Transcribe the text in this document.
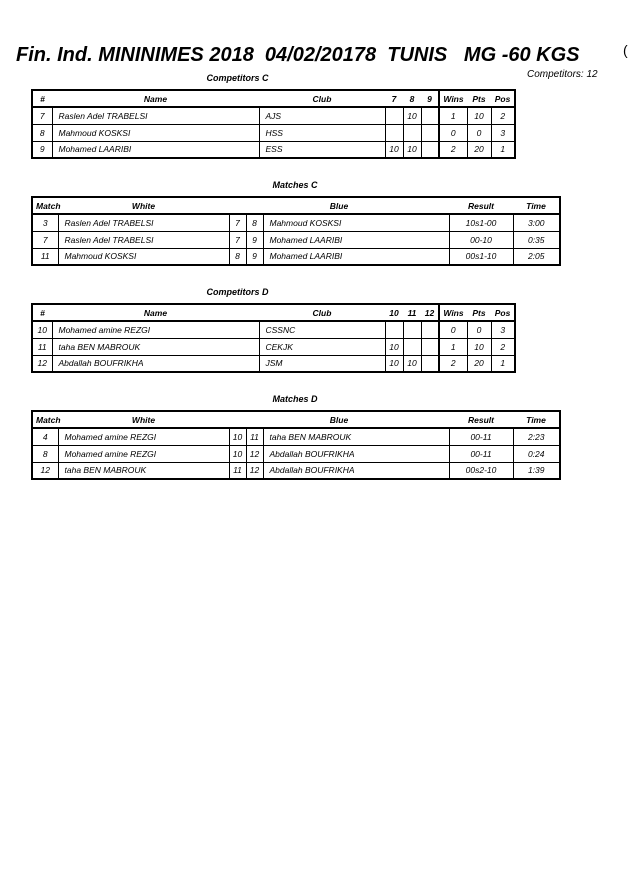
Fin. Ind. MININIMES 2018  04/02/20178  TUNIS   MG -60 KGS	(
Competitors: 12
Competitors C
#	Name	Club	7	8	9	Wins	Pts	Pos
7	Raslen Adel TRABELSI	AJS		10		1	10	2
8	Mahmoud KOSKSI	HSS				0	0	3
9	Mohamed LAARIBI	ESS	10	10		2	20	1
Matches C
Match	White	Blue			Result	Time
3	Raslen Adel TRABELSI	7	8	Mahmoud KOSKSI	10s1-00	3:00
7	Raslen Adel TRABELSI	7	9	Mohamed LAARIBI	00-10	0:35
11	Mahmoud KOSKSI	8	9	Mohamed LAARIBI	00s1-10	2:05
Competitors D
#	Name	Club	10	11	12	Wins	Pts	Pos
10	Mohamed amine REZGI	CSSNC				0	0	3
11	taha BEN MABROUK	CEKJK	10			1	10	2
12	Abdallah BOUFRIKHA	JSM	10	10		2	20	1
Matches D
Match	White	Blue			Result	Time
4	Mohamed amine REZGI	10	11	taha BEN MABROUK	00-11	2:23
8	Mohamed amine REZGI	10	12	Abdallah BOUFRIKHA	00-11	0:24
12	taha BEN MABROUK	11	12	Abdallah BOUFRIKHA	00s2-10	1:39
